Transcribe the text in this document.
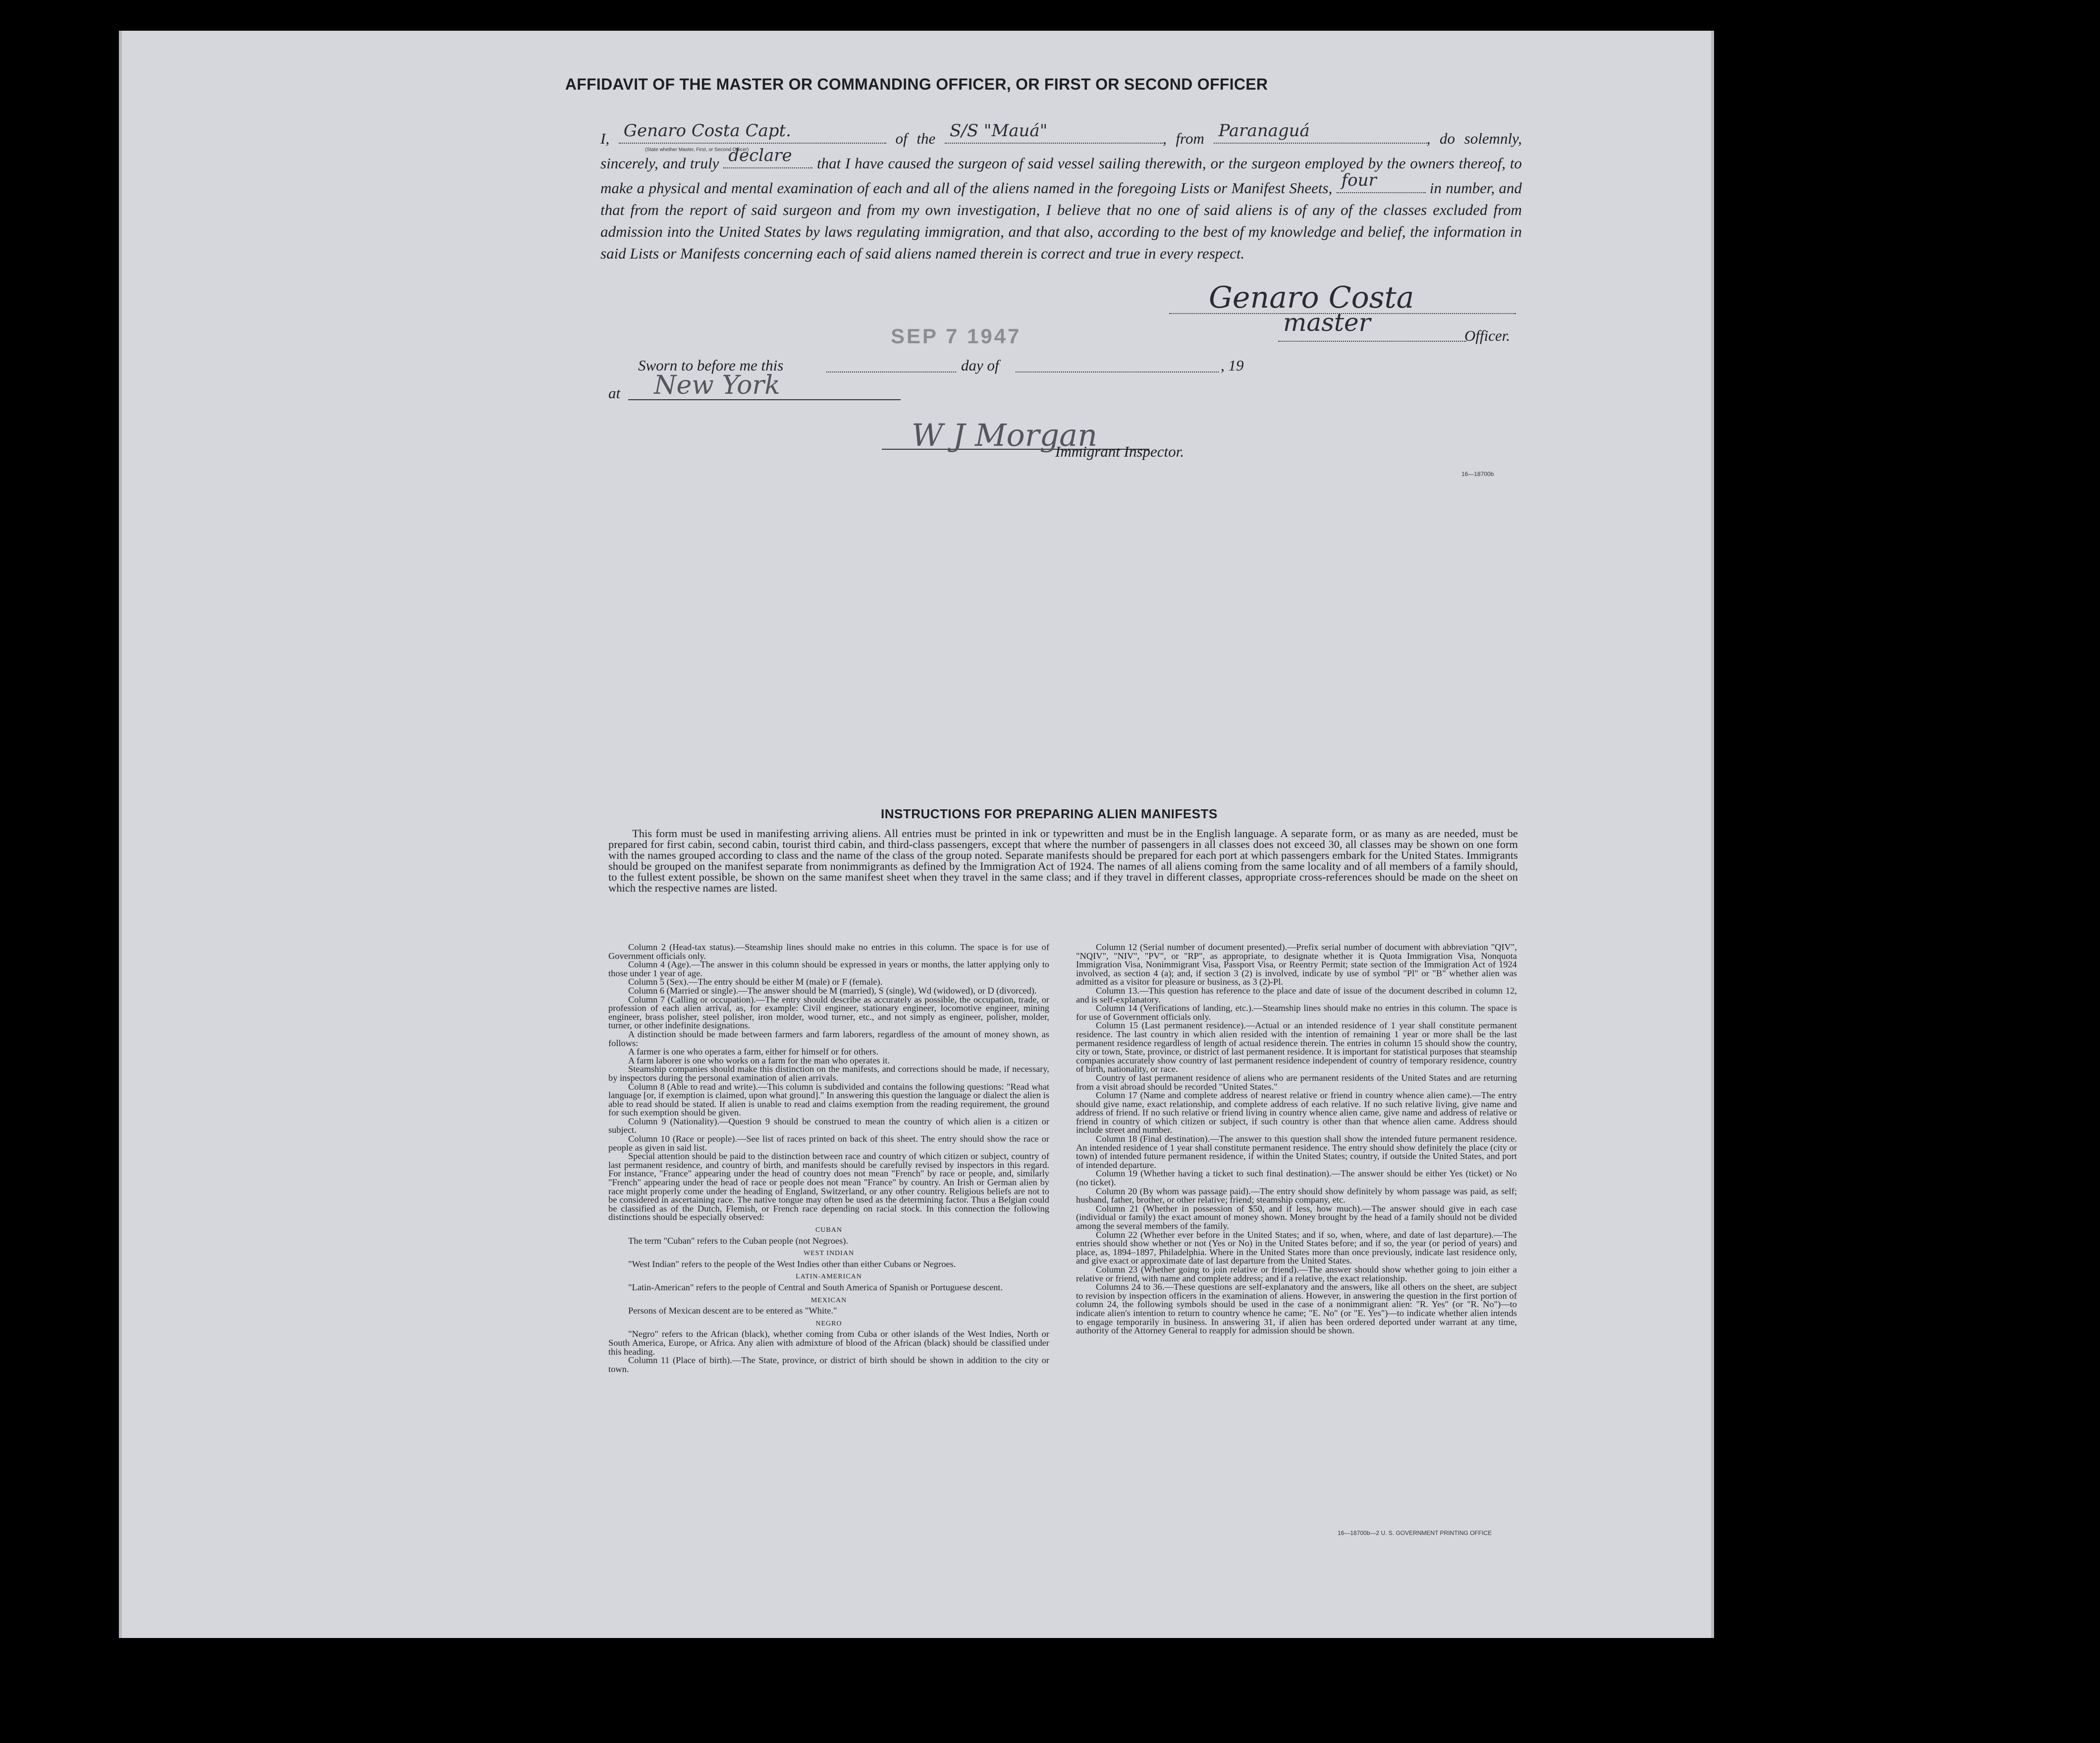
AFFIDAVIT OF THE MASTER OR COMMANDING OFFICER, OR FIRST OR SECOND OFFICER
I, Genaro Costa Capt.	of the S/S "Mauá"	, from Paranaguá	, do solemnly, sincerely, and truly declare that I have caused the surgeon of said vessel sailing therewith, or the surgeon employed by the owners thereof, to make a physical and mental examination of each and all of the aliens named in the foregoing Lists or Manifest Sheets, four	in number, and that from the report of said surgeon and from my own investigation, I believe that no one of said aliens is of any of the classes excluded from admission into the United States by laws regulating immigration, and that also, according to the best of my knowledge and belief, the information in said Lists or Manifests concerning each of said aliens named therein is correct and true in every respect.
(State whether Master, First, or Second Officer)
Genaro Costa
master	Officer.
SEP 7 1947
Sworn to before me this	day of	, 19
at New York
W J Morgan
Immigrant Inspector.
16—18700b
INSTRUCTIONS FOR PREPARING ALIEN MANIFESTS
This form must be used in manifesting arriving aliens. All entries must be printed in ink or typewritten and must be in the English language. A separate form, or as many as are needed, must be prepared for first cabin, second cabin, tourist third cabin, and third-class passengers, except that where the number of passengers in all classes does not exceed 30, all classes may be shown on one form with the names grouped according to class and the name of the class of the group noted. Separate manifests should be prepared for each port at which passengers embark for the United States. Immigrants should be grouped on the manifest separate from nonimmigrants as defined by the Immigration Act of 1924. The names of all aliens coming from the same locality and of all members of a family should, to the fullest extent possible, be shown on the same manifest sheet when they travel in the same class; and if they travel in different classes, appropriate cross-references should be made on the sheet on which the respective names are listed.

Column 2 (Head-tax status).—Steamship lines should make no entries in this column. The space is for use of Government officials only.

Column 4 (Age).—The answer in this column should be expressed in years or months, the latter applying only to those under 1 year of age.

Column 5 (Sex).—The entry should be either M (male) or F (female).

Column 6 (Married or single).—The answer should be M (married), S (single), Wd (widowed), or D (divorced).

Column 7 (Calling or occupation).—The entry should describe as accurately as possible, the occupation, trade, or profession of each alien arrival, as, for example: Civil engineer, stationary engineer, locomotive engineer, mining engineer, brass polisher, steel polisher, iron molder, wood turner, etc., and not simply as engineer, polisher, molder, turner, or other indefinite designations.

A distinction should be made between farmers and farm laborers, regardless of the amount of money shown, as follows:

A farmer is one who operates a farm, either for himself or for others.

A farm laborer is one who works on a farm for the man who operates it.

Steamship companies should make this distinction on the manifests, and corrections should be made, if necessary, by inspectors during the personal examination of alien arrivals.

Column 8 (Able to read and write).—This column is subdivided and contains the following questions: "Read what language [or, if exemption is claimed, upon what ground]." In answering this question the language or dialect the alien is able to read should be stated. If alien is unable to read and claims exemption from the reading requirement, the ground for such exemption should be given.

Column 9 (Nationality).—Question 9 should be construed to mean the country of which alien is a citizen or subject.

Column 10 (Race or people).—See list of races printed on back of this sheet. The entry should show the race or people as given in said list.

Special attention should be paid to the distinction between race and country of which citizen or subject, country of last permanent residence, and country of birth, and manifests should be carefully revised by inspectors in this regard. For instance, "France" appearing under the head of country does not mean "French" by race or people, and, similarly "French" appearing under the head of race or people does not mean "France" by country. An Irish or German alien by race might properly come under the heading of England, Switzerland, or any other country. Religious beliefs are not to be considered in ascertaining race. The native tongue may often be used as the determining factor. Thus a Belgian could be classified as of the Dutch, Flemish, or French race depending on racial stock. In this connection the following distinctions should be especially observed:

CUBAN

The term "Cuban" refers to the Cuban people (not Negroes).

WEST INDIAN

"West Indian" refers to the people of the West Indies other than either Cubans or Negroes.

LATIN-AMERICAN

"Latin-American" refers to the people of Central and South America of Spanish or Portuguese descent.

MEXICAN

Persons of Mexican descent are to be entered as "White."

NEGRO

"Negro" refers to the African (black), whether coming from Cuba or other islands of the West Indies, North or South America, Europe, or Africa. Any alien with admixture of blood of the African (black) should be classified under this heading.

Column 11 (Place of birth).—The State, province, or district of birth should be shown in addition to the city or town.

Column 12 (Serial number of document presented).—Prefix serial number of document with abbreviation "QIV", "NQIV", "NIV", "PV", or "RP", as appropriate, to designate whether it is Quota Immigration Visa, Nonquota Immigration Visa, Nonimmigrant Visa, Passport Visa, or Reentry Permit; state section of the Immigration Act of 1924 involved, as section 4 (a); and, if section 3 (2) is involved, indicate by use of symbol "Pl" or "B" whether alien was admitted as a visitor for pleasure or business, as 3 (2)-Pl.

Column 13.—This question has reference to the place and date of issue of the document described in column 12, and is self-explanatory.

Column 14 (Verifications of landing, etc.).—Steamship lines should make no entries in this column. The space is for use of Government officials only.

Column 15 (Last permanent residence).—Actual or an intended residence of 1 year shall constitute permanent residence. The last country in which alien resided with the intention of remaining 1 year or more shall be the last permanent residence regardless of length of actual residence therein. The entries in column 15 should show the country, city or town, State, province, or district of last permanent residence. It is important for statistical purposes that steamship companies accurately show country of last permanent residence independent of country of temporary residence, country of birth, nationality, or race.

Country of last permanent residence of aliens who are permanent residents of the United States and are returning from a visit abroad should be recorded "United States."

Column 17 (Name and complete address of nearest relative or friend in country whence alien came).—The entry should give name, exact relationship, and complete address of each relative. If no such relative living, give name and address of friend. If no such relative or friend living in country whence alien came, give name and address of relative or friend in country of which citizen or subject, if such country is other than that whence alien came. Address should include street and number.

Column 18 (Final destination).—The answer to this question shall show the intended future permanent residence. An intended residence of 1 year shall constitute permanent residence. The entry should show definitely the place (city or town) of intended future permanent residence, if within the United States; country, if outside the United States, and port of intended departure.

Column 19 (Whether having a ticket to such final destination).—The answer should be either Yes (ticket) or No (no ticket).

Column 20 (By whom was passage paid).—The entry should show definitely by whom passage was paid, as self; husband, father, brother, or other relative; friend; steamship company, etc.

Column 21 (Whether in possession of $50, and if less, how much).—The answer should give in each case (individual or family) the exact amount of money shown. Money brought by the head of a family should not be divided among the several members of the family.

Column 22 (Whether ever before in the United States; and if so, when, where, and date of last departure).—The entries should show whether or not (Yes or No) in the United States before; and if so, the year (or period of years) and place, as, 1894–1897, Philadelphia. Where in the United States more than once previously, indicate last residence only, and give exact or approximate date of last departure from the United States.

Column 23 (Whether going to join relative or friend).—The answer should show whether going to join either a relative or friend, with name and complete address; and if a relative, the exact relationship.

Columns 24 to 36.—These questions are self-explanatory and the answers, like all others on the sheet, are subject to revision by inspection officers in the examination of aliens. However, in answering the question in the first portion of column 24, the following symbols should be used in the case of a nonimmigrant alien: "R. Yes" (or "R. No")—to indicate alien's intention to return to country whence he came; "E. No" (or "E. Yes")—to indicate whether alien intends to engage temporarily in business. In answering 31, if alien has been ordered deported under warrant at any time, authority of the Attorney General to reapply for admission should be shown.

16—18700b—2 U. S. GOVERNMENT PRINTING OFFICE
